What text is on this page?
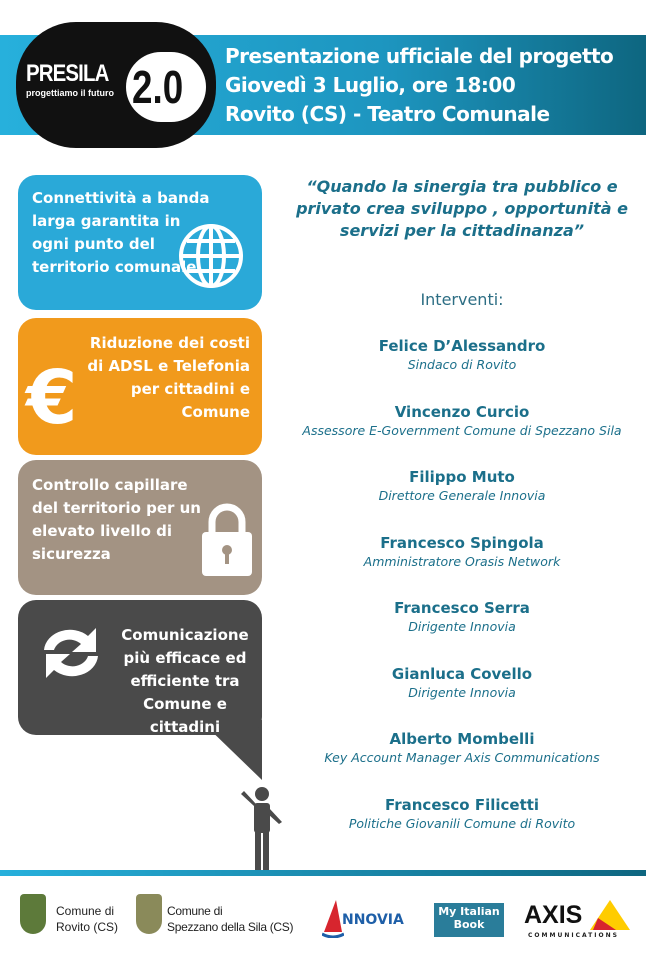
PRESILA
progettiamo il futuro 2.0
Presentazione ufficiale del progetto
Giovedì 3 Luglio, ore 18:00
Rovito (CS) - Teatro Comunale
Connettività a banda larga garantita in ogni punto del territorio comunale
Riduzione dei costi di ADSL e Telefonia per cittadini e Comune
€
Controllo capillare del territorio per un elevato livello di sicurezza
Comunicazione più efficace ed efficiente tra Comune e cittadini
“Quando la sinergia tra pubblico e privato crea sviluppo , opportunità e servizi per la cittadinanza”
Interventi:
Felice D’Alessandro
Sindaco di Rovito
Vincenzo Curcio
Assessore E-Government Comune di Spezzano Sila
Filippo Muto
Direttore Generale Innovia
Francesco Spingola
Amministratore Orasis Network
Francesco Serra
Dirigente Innovia
Gianluca Covello
Dirigente Innovia
Alberto Mombelli
Key Account Manager Axis Communications
Francesco Filicetti
Politiche Giovanili Comune di Rovito
Comune di
Rovito (CS)
Comune di
Spezzano della Sila (CS)	NNOVIA
My Italian
Book	AXIS
COMMUNICATIONS
